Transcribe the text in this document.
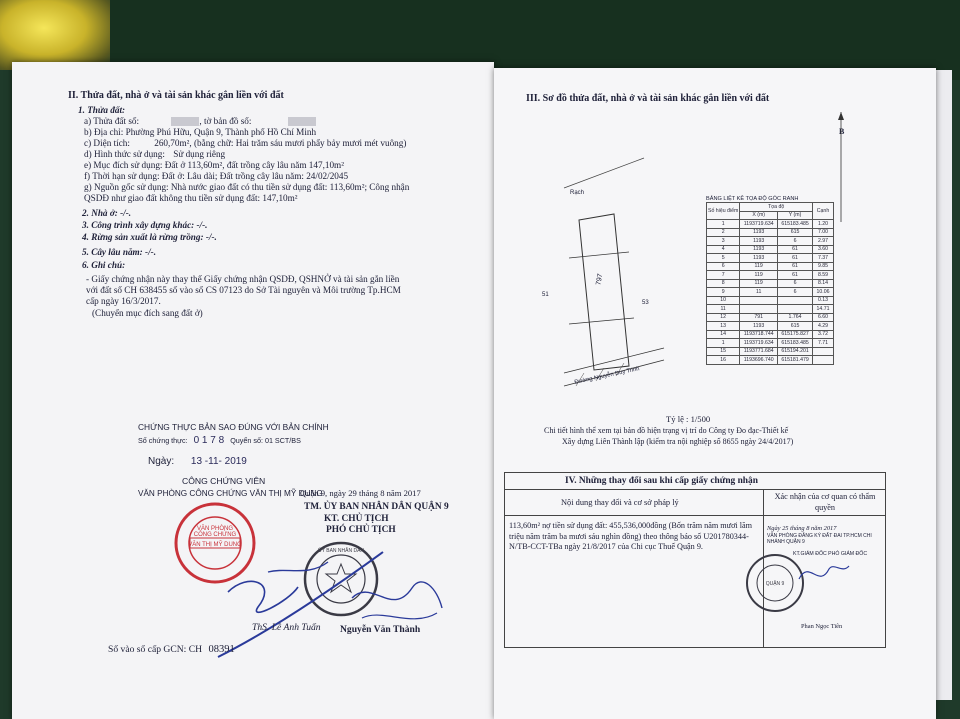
II. Thửa đất, nhà ở và tài sản khác gắn liền với đất
1. Thửa đất:
a) Thửa đất số:	, tờ bản đồ số:
b) Địa chỉ: Phường Phú Hữu, Quận 9, Thành phố Hồ Chí Minh
c) Diện tích:	260,70m², (bằng chữ: Hai trăm sáu mươi phẩy bảy mươi mét vuông)
d) Hình thức sử dụng: Sử dụng riêng
e) Mục đích sử dụng: Đất ở 113,60m², đất trồng cây lâu năm 147,10m²
f) Thời hạn sử dụng: Đất ở: Lâu dài; Đất trồng cây lâu năm: 24/02/2045
g) Nguồn gốc sử dụng: Nhà nước giao đất có thu tiền sử dụng đất: 113,60m²; Công nhận
QSDĐ như giao đất không thu tiền sử dụng đất: 147,10m²
2. Nhà ở: -/-.
3. Công trình xây dựng khác: -/-.
4. Rừng sản xuất là rừng trồng: -/-.
5. Cây lâu năm: -/-.
6. Ghi chú:
- Giấy chứng nhận này thay thế Giấy chứng nhận QSDĐ, QSHNỞ và tài sản gắn liền
với đất số CH 638455 số vào sổ CS 07123 do Sở Tài nguyên và Môi trường Tp.HCM
cấp ngày 16/3/2017.
(Chuyển mục đích sang đất ở)
CHỨNG THỰC BẢN SAO ĐÚNG VỚI BẢN CHÍNH
Số chứng thực: 0 1 7 8 Quyển số: 01 SCT/BS
Ngày: 13 -11- 2019
CÔNG CHỨNG VIÊN
VĂN PHÒNG CÔNG CHỨNG VĂN THỊ MỸ DUNG
Quận 9, ngày 29 tháng 8 năm 2017
TM. ỦY BAN NHÂN DÂN QUẬN 9
KT. CHỦ TỊCH
PHÓ CHỦ TỊCH
VĂN THỊ MỸ DUNG
VĂN PHÒNG
CÔNG CHỨNG
ỦY BAN NHÂN DÂN
ThS. Lê Anh Tuấn Nguyễn Văn Thành
Số vào sổ cấp GCN: CH 08391
III. Sơ đồ thửa đất, nhà ở và tài sản khác gắn liền với đất
B
Rạch
797
51
53
Đường Nguyễn Duy Trinh
BẢNG LIỆT KÊ TỌA ĐỘ GÓC RANH
Số hiệu điểm	Tọa độ		Cạnh
	X (m)	Y (m)	
1	1193719.634	615183.485	1.20
2	1193	615	7.00
3	1193	6	2.97
4	1193	61	3.60
5	1193	61	7.37
6	119	61	9.85
7	119	61	8.59
8	119	6	8.14
9	11	6	10.06
10			0.13
11			14.71
12	791	1.764	6.60
13	1193	615	4.29
14	1193718.744	615175.827	3.72
1	1193719.634	615183.485	7.71
15	1193771.684	615194.201	
16	1193696.740	615181.479	
Tỷ lệ : 1/500
Chi tiết hình thể xem tại bản đồ hiện trạng vị trí do Công ty Đo đạc-Thiết kế
Xây dựng Liên Thành lập (kiểm tra nội nghiệp số 8655 ngày 24/4/2017)
IV. Những thay đổi sau khi cấp giấy chứng nhận
Nội dung thay đổi và cơ sở pháp lý
Xác nhận của cơ quan có thẩm quyền
113,60m² nợ tiền sử dụng đất: 455,536,000đồng (Bốn trăm năm mươi lăm triệu năm trăm ba mươi sáu nghìn đồng) theo thông báo số U201780344-N/TB-CCT-TBa ngày 21/8/2017 của Chi cục Thuế Quận 9.
Ngày 25 tháng 8 năm 2017
VĂN PHÒNG ĐĂNG KÝ ĐẤT ĐAI TP.HCM CHI NHÁNH QUẬN 9
KT.GIÁM ĐỐC PHÓ GIÁM ĐỐC
Phan Ngọc Tiên
QUẬN 9
